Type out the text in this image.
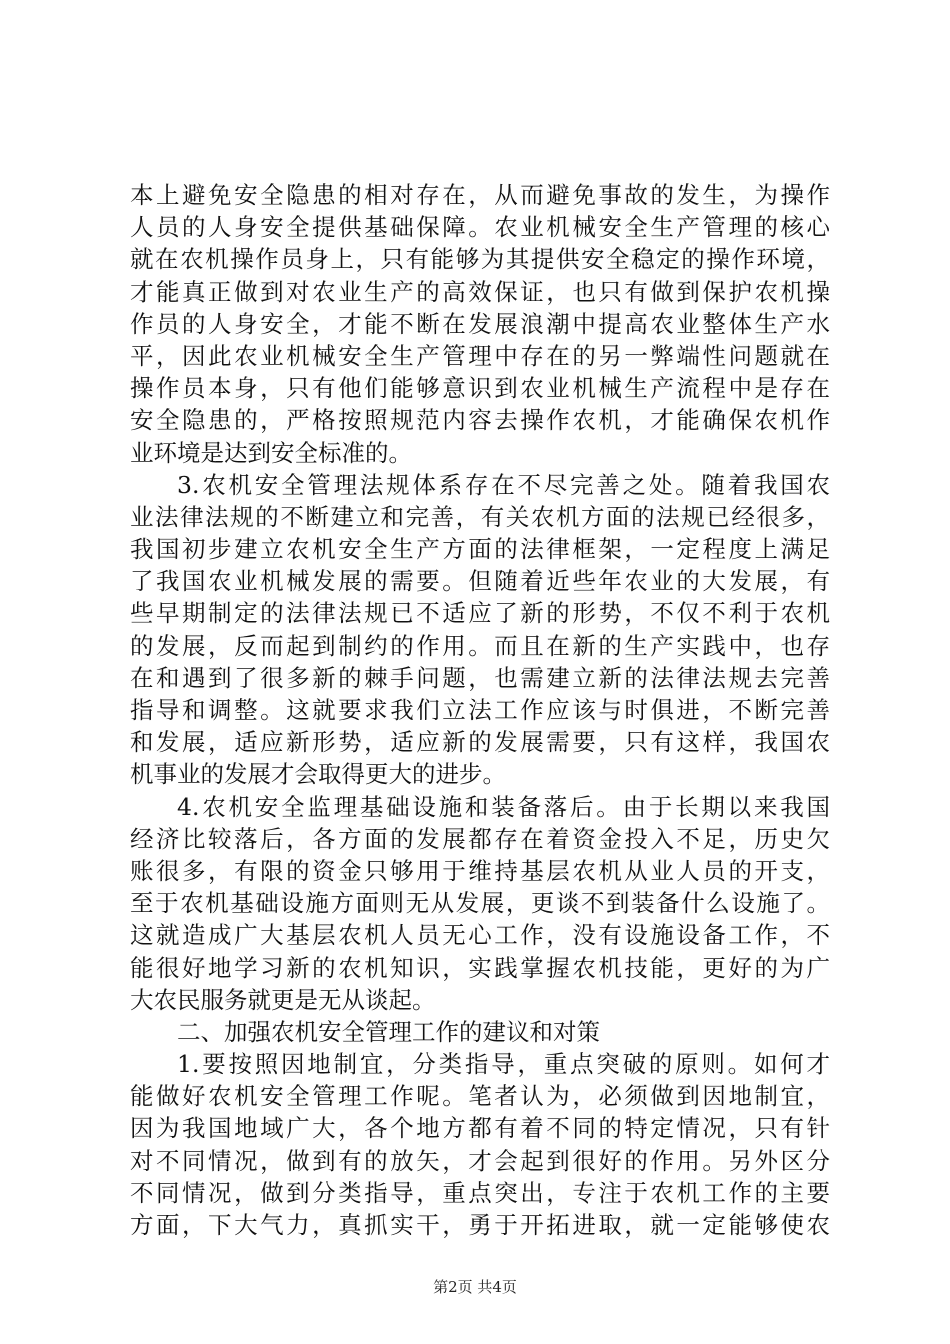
本上避免安全隐患的相对存在，从而避免事故的发生，为操作
人员的人身安全提供基础保障。农业机械安全生产管理的核心
就在农机操作员身上，只有能够为其提供安全稳定的操作环境，
才能真正做到对农业生产的高效保证，也只有做到保护农机操
作员的人身安全，才能不断在发展浪潮中提高农业整体生产水
平，因此农业机械安全生产管理中存在的另一弊端性问题就在
操作员本身，只有他们能够意识到农业机械生产流程中是存在
安全隐患的，严格按照规范内容去操作农机，才能确保农机作
业环境是达到安全标准的。
3.农机安全管理法规体系存在不尽完善之处。随着我国农
业法律法规的不断建立和完善，有关农机方面的法规已经很多，
我国初步建立农机安全生产方面的法律框架，一定程度上满足
了我国农业机械发展的需要。但随着近些年农业的大发展，有
些早期制定的法律法规已不适应了新的形势，不仅不利于农机
的发展，反而起到制约的作用。而且在新的生产实践中，也存
在和遇到了很多新的棘手问题，也需建立新的法律法规去完善
指导和调整。这就要求我们立法工作应该与时俱进，不断完善
和发展，适应新形势，适应新的发展需要，只有这样，我国农
机事业的发展才会取得更大的进步。
4.农机安全监理基础设施和装备落后。由于长期以来我国
经济比较落后，各方面的发展都存在着资金投入不足，历史欠
账很多，有限的资金只够用于维持基层农机从业人员的开支，
至于农机基础设施方面则无从发展，更谈不到装备什么设施了。
这就造成广大基层农机人员无心工作，没有设施设备工作，不
能很好地学习新的农机知识，实践掌握农机技能，更好的为广
大农民服务就更是无从谈起。
二、加强农机安全管理工作的建议和对策
1.要按照因地制宜，分类指导，重点突破的原则。如何才
能做好农机安全管理工作呢。笔者认为，必须做到因地制宜，
因为我国地域广大，各个地方都有着不同的特定情况，只有针
对不同情况，做到有的放矢，才会起到很好的作用。另外区分
不同情况，做到分类指导，重点突出，专注于农机工作的主要
方面，下大气力，真抓实干，勇于开拓进取，就一定能够使农
第2页 共4页
